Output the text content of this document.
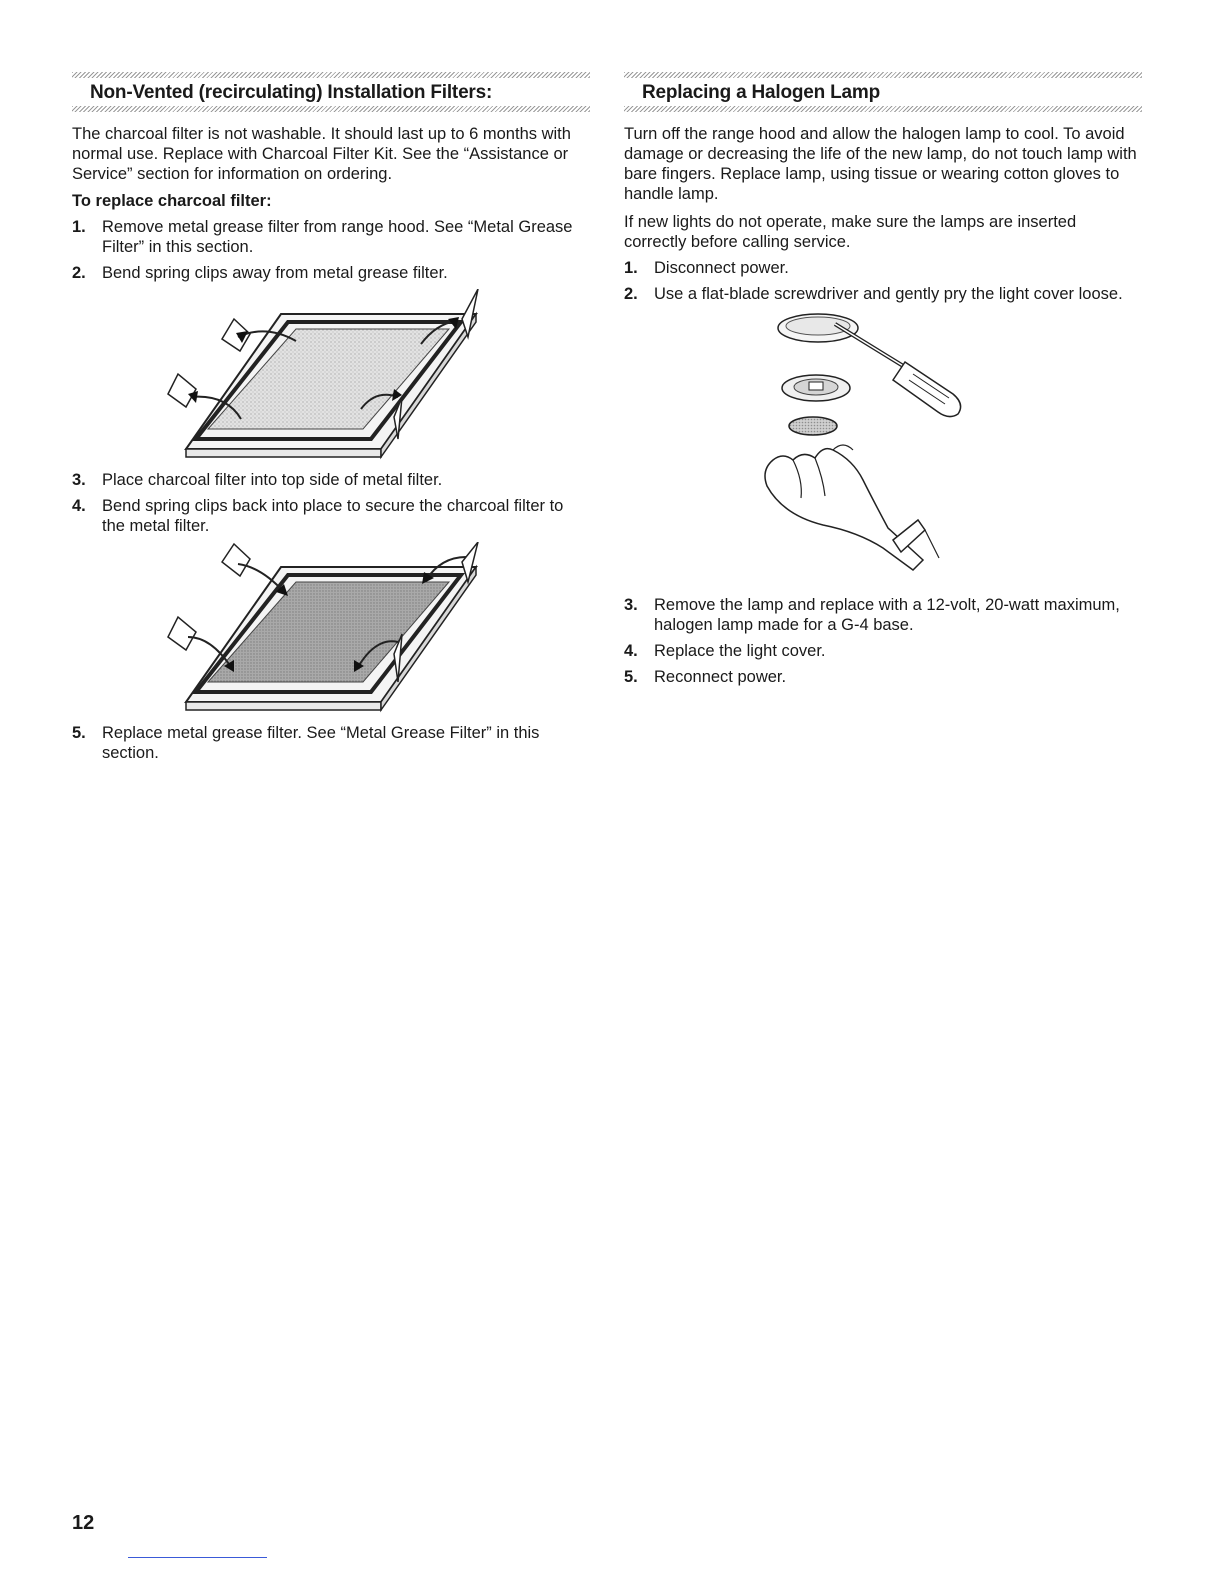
Non-Vented (recirculating) Installation Filters:

The charcoal filter is not washable. It should last up to 6 months with normal use. Replace with Charcoal Filter Kit. See the “Assistance or Service” section for information on ordering.

To replace charcoal filter:
1. Remove metal grease filter from range hood. See “Metal Grease Filter” in this section.
2. Bend spring clips away from metal grease filter.
3. Place charcoal filter into top side of metal filter.
4. Bend spring clips back into place to secure the charcoal filter to the metal filter.
5. Replace metal grease filter. See “Metal Grease Filter” in this section.
Replacing a Halogen Lamp

Turn off the range hood and allow the halogen lamp to cool. To avoid damage or decreasing the life of the new lamp, do not touch lamp with bare fingers. Replace lamp, using tissue or wearing cotton gloves to handle lamp.

If new lights do not operate, make sure the lamps are inserted correctly before calling service.

1. Disconnect power.
2. Use a flat-blade screwdriver and gently pry the light cover loose.
3. Remove the lamp and replace with a 12-volt, 20-watt maximum, halogen lamp made for a G-4 base.
4. Replace the light cover.
5. Reconnect power.
12
